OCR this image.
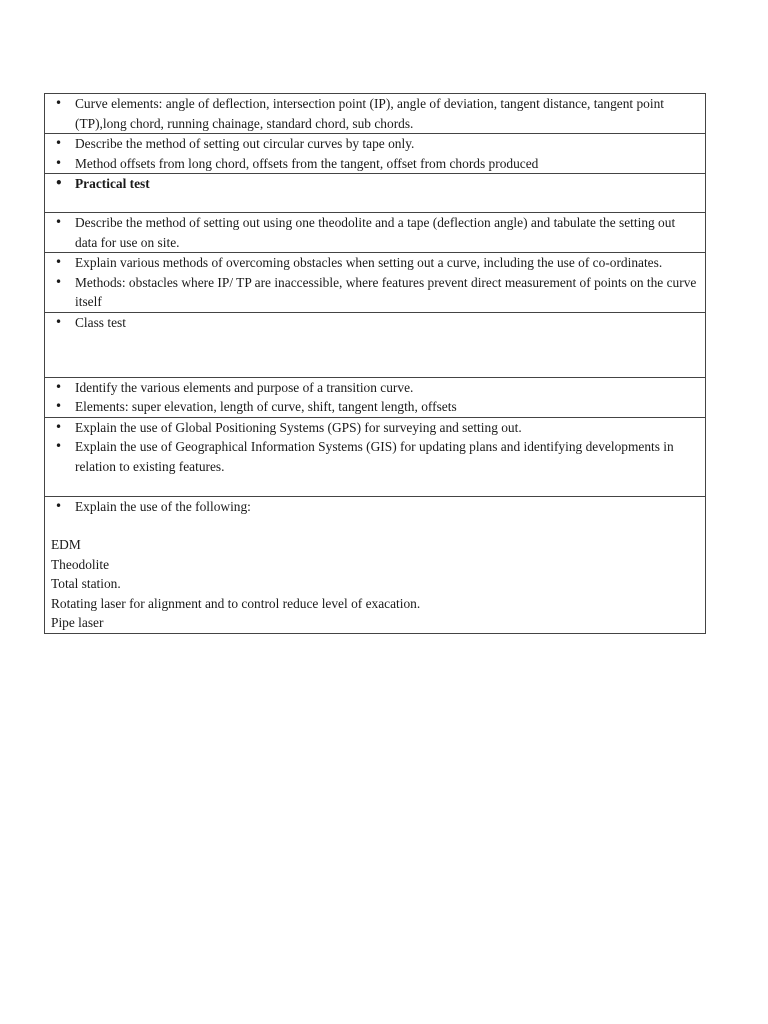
• Curve elements: angle of deflection, intersection point (IP), angle of deviation, tangent distance, tangent point (TP),long chord, running chainage, standard chord, sub chords.

• Describe the method of setting out circular curves by tape only.
• Method offsets from long chord, offsets from the tangent, offset from chords produced

• Practical test

• Describe the method of setting out using one theodolite and a tape (deflection angle) and tabulate the setting out data for use on site.

• Explain various methods of overcoming obstacles when setting out a curve, including the use of co-ordinates.
• Methods: obstacles where IP/ TP are inaccessible, where features prevent direct measurement of points on the curve itself

• Class test

• Identify the various elements and purpose of a transition curve.
• Elements: super elevation, length of curve, shift, tangent length, offsets

• Explain the use of Global Positioning Systems (GPS) for surveying and setting out.
• Explain the use of Geographical Information Systems (GIS) for updating plans and identifying developments in relation to existing features.

• Explain the use of the following:
EDM
Theodolite
Total station.
Rotating laser for alignment and to control reduce level of exacation.
Pipe laser
